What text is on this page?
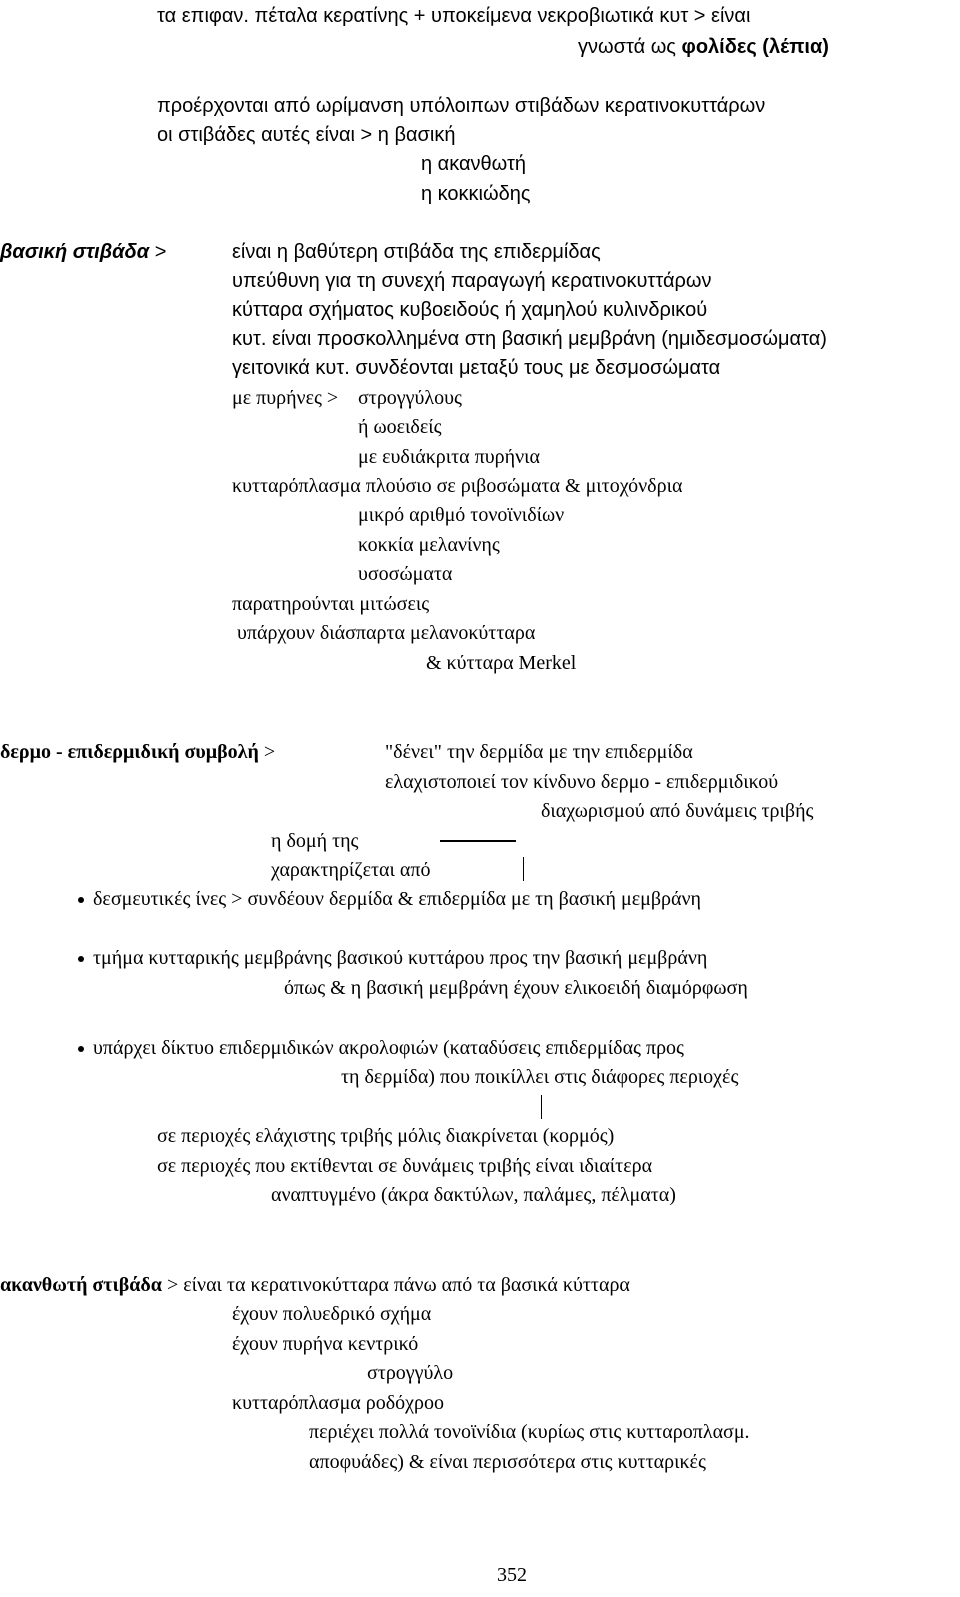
τα επιφαν. πέταλα κερατίνης + υποκείμενα νεκροβιωτικά κυτ > είναι
γνωστά ως φολίδες (λέπια)
προέρχονται από ωρίμανση υπόλοιπων στιβάδων κερατινοκυττάρων
οι στιβάδες αυτές είναι > η βασική
η ακανθωτή
η κοκκιώδης
βασική στιβάδα >	είναι η βαθύτερη στιβάδα της επιδερμίδας
υπεύθυνη για τη συνεχή παραγωγή κερατινοκυττάρων
κύτταρα σχήματος κυβοειδούς ή χαμηλού κυλινδρικού
κυτ. είναι προσκολλημένα στη βασική μεμβράνη (ημιδεσμοσώματα)
γειτονικά κυτ. συνδέονται μεταξύ τους με δεσμοσώματα
με πυρήνες > στρογγύλους
ή ωοειδείς
με ευδιάκριτα πυρήνια
κυτταρόπλασμα πλούσιο σε ριβοσώματα & μιτοχόνδρια
μικρό αριθμό τονοϊνιδίων
κοκκία μελανίνης
υσοσώματα
παρατηρούνται μιτώσεις
υπάρχουν διάσπαρτα μελανοκύτταρα
& κύτταρα Merkel
δερμο - επιδερμιδική συμβολή >	"δένει" την δερμίδα με την επιδερμίδα
ελαχιστοποιεί τον κίνδυνο δερμο - επιδερμιδικού
διαχωρισμού από δυνάμεις τριβής
η δομή της
χαρακτηρίζεται από
δεσμευτικές ίνες > συνδέουν δερμίδα & επιδερμίδα με τη βασική μεμβράνη
τμήμα κυτταρικής μεμβράνης βασικού κυττάρου προς την βασική μεμβράνη
όπως & η βασική μεμβράνη έχουν ελικοειδή διαμόρφωση
υπάρχει δίκτυο επιδερμιδικών ακρολοφιών (καταδύσεις επιδερμίδας προς
τη δερμίδα) που ποικίλλει στις διάφορες περιοχές
σε περιοχές ελάχιστης τριβής μόλις διακρίνεται (κορμός)
σε περιοχές που εκτίθενται σε δυνάμεις τριβής είναι ιδιαίτερα
αναπτυγμένο (άκρα δακτύλων, παλάμες, πέλματα)
ακανθωτή στιβάδα > είναι τα κερατινοκύτταρα πάνω από τα βασικά κύτταρα
έχουν πολυεδρικό σχήμα
έχουν πυρήνα κεντρικό
στρογγύλο
κυτταρόπλασμα ροδόχροο
περιέχει πολλά τονοϊνίδια (κυρίως στις κυτταροπλασμ.
αποφυάδες) & είναι περισσότερα στις κυτταρικές
352
